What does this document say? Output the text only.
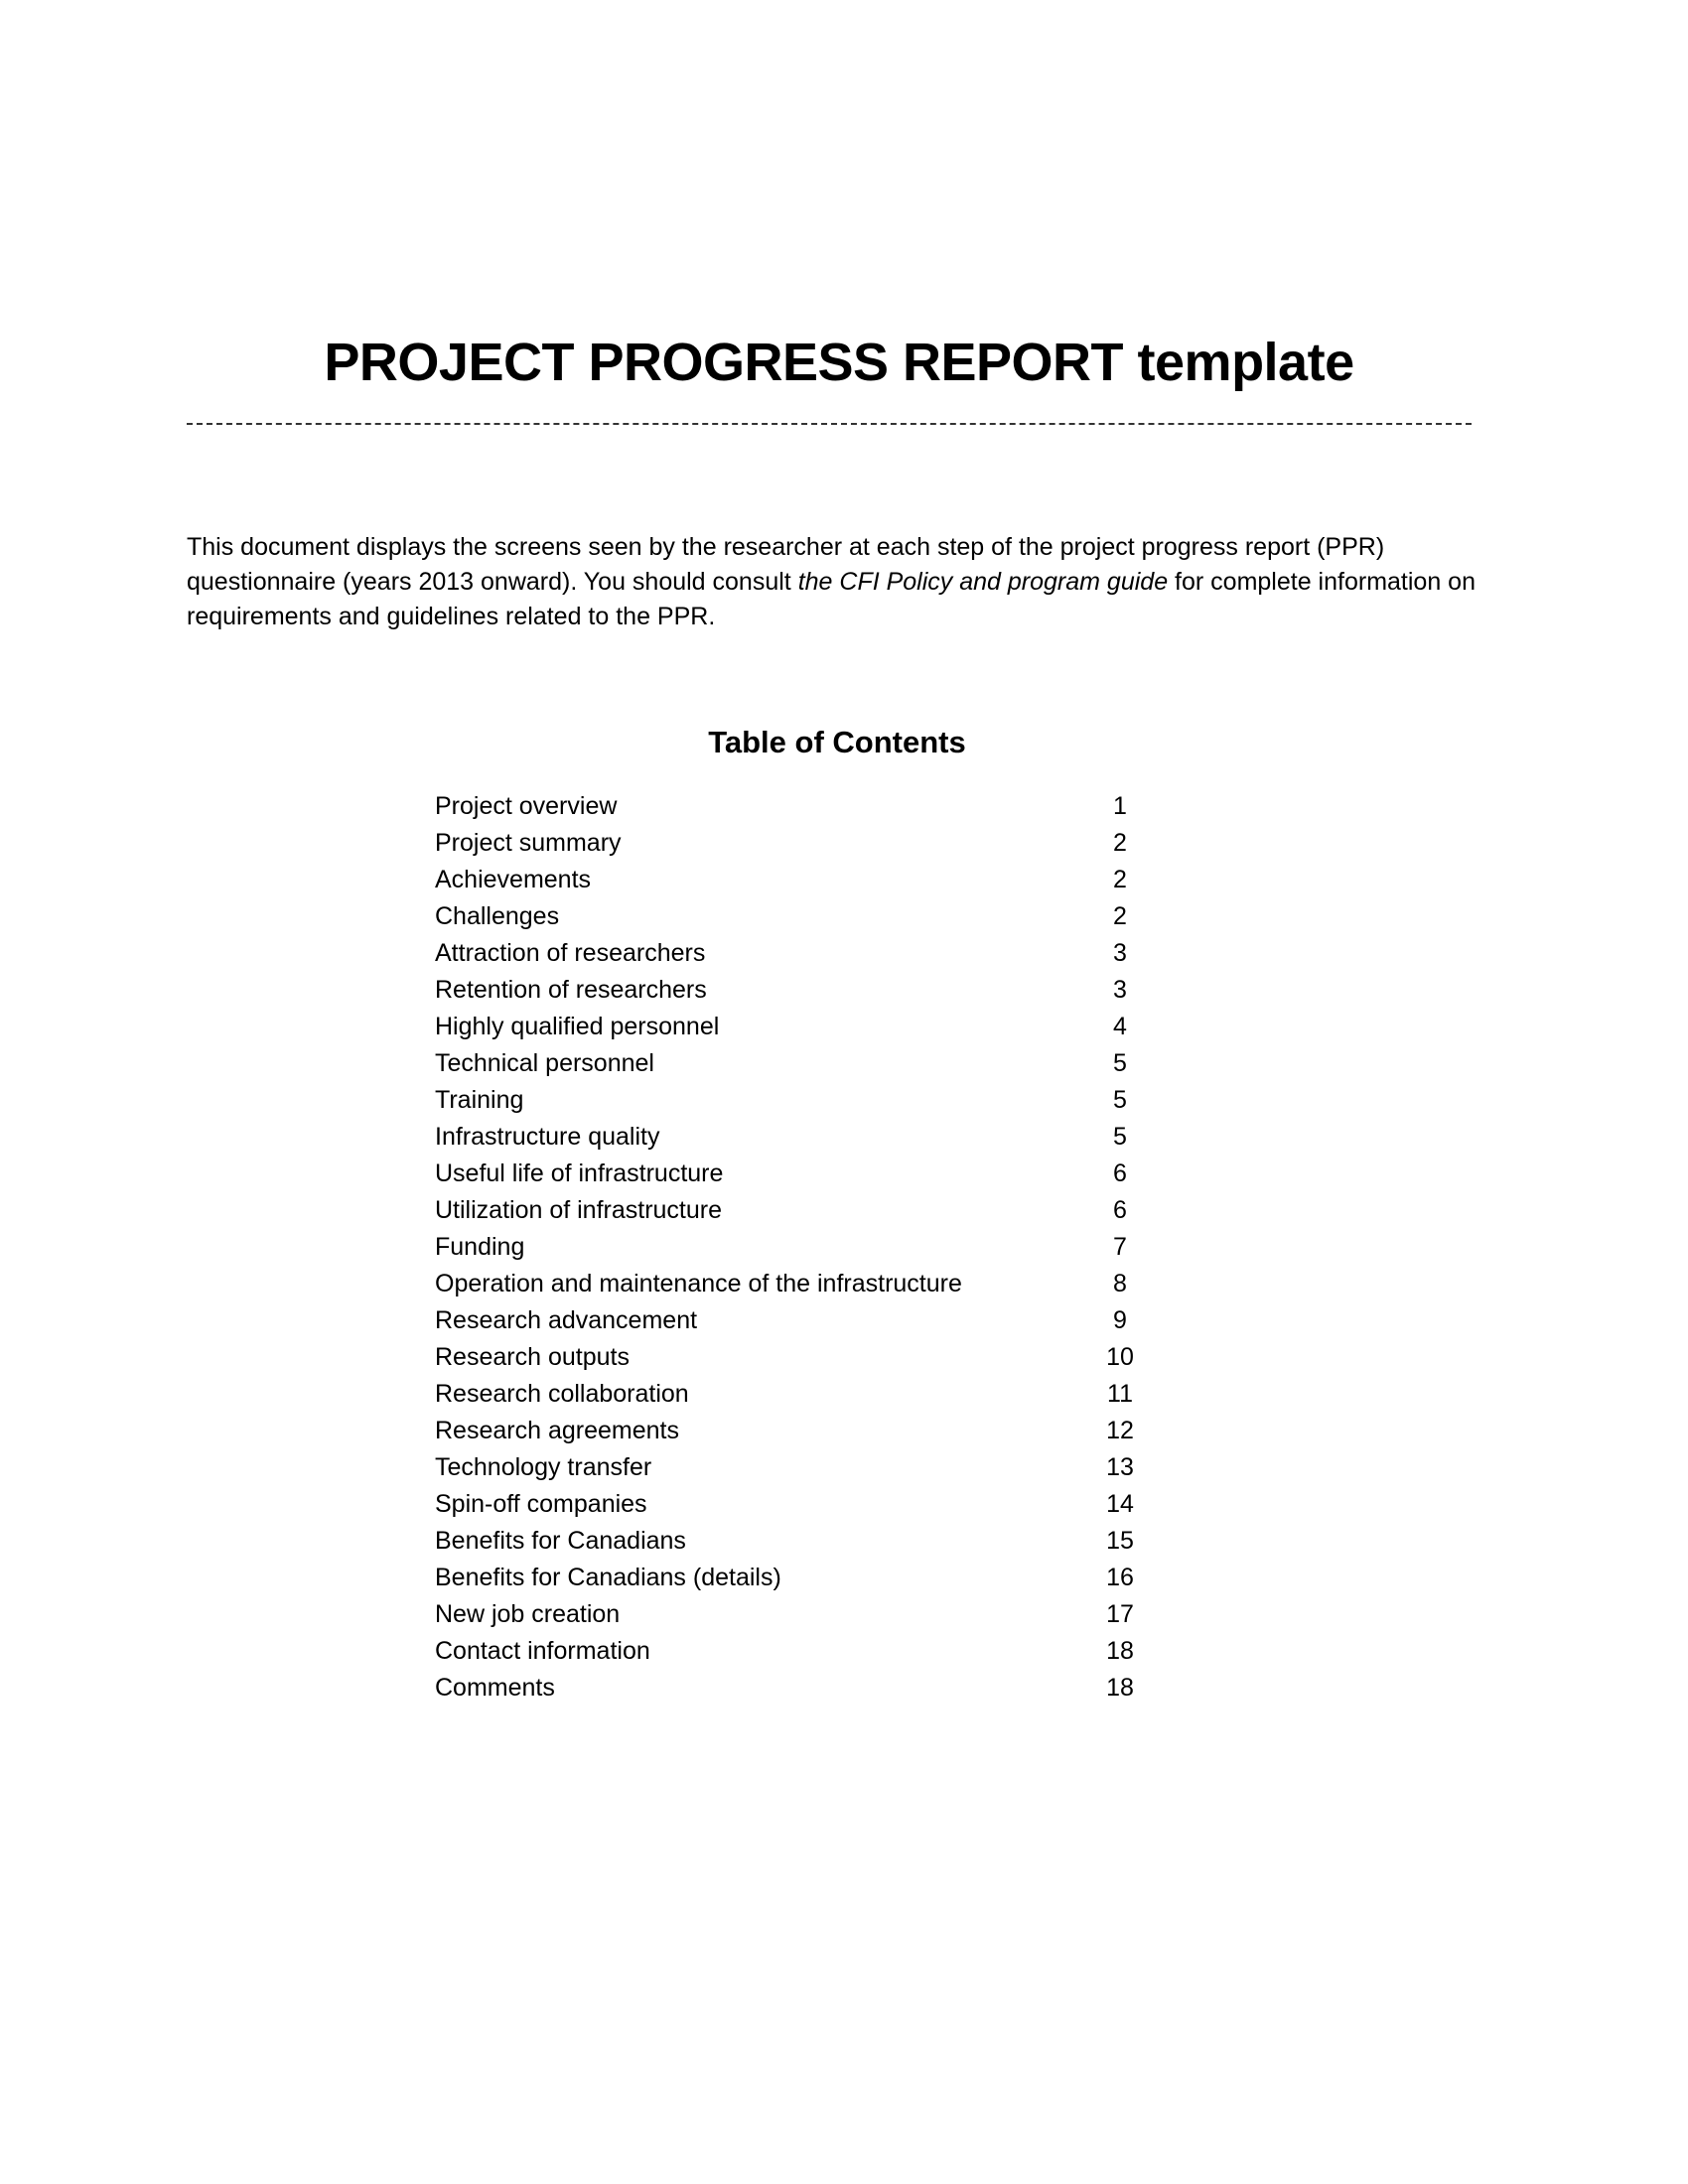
PROJECT PROGRESS REPORT template

This document displays the screens seen by the researcher at each step of the project progress report (PPR) questionnaire (years 2013 onward). You should consult the CFI Policy and program guide for complete information on requirements and guidelines related to the PPR.

Table of Contents
Project overview	1
Project summary	2
Achievements	2
Challenges	2
Attraction of researchers	3
Retention of researchers	3
Highly qualified personnel	4
Technical personnel	5
Training	5
Infrastructure quality	5
Useful life of infrastructure	6
Utilization of infrastructure	6
Funding	7
Operation and maintenance of the infrastructure	8
Research advancement	9
Research outputs	10
Research collaboration	11
Research agreements	12
Technology transfer	13
Spin-off companies	14
Benefits for Canadians	15
Benefits for Canadians (details)	16
New job creation	17
Contact information	18
Comments	18
